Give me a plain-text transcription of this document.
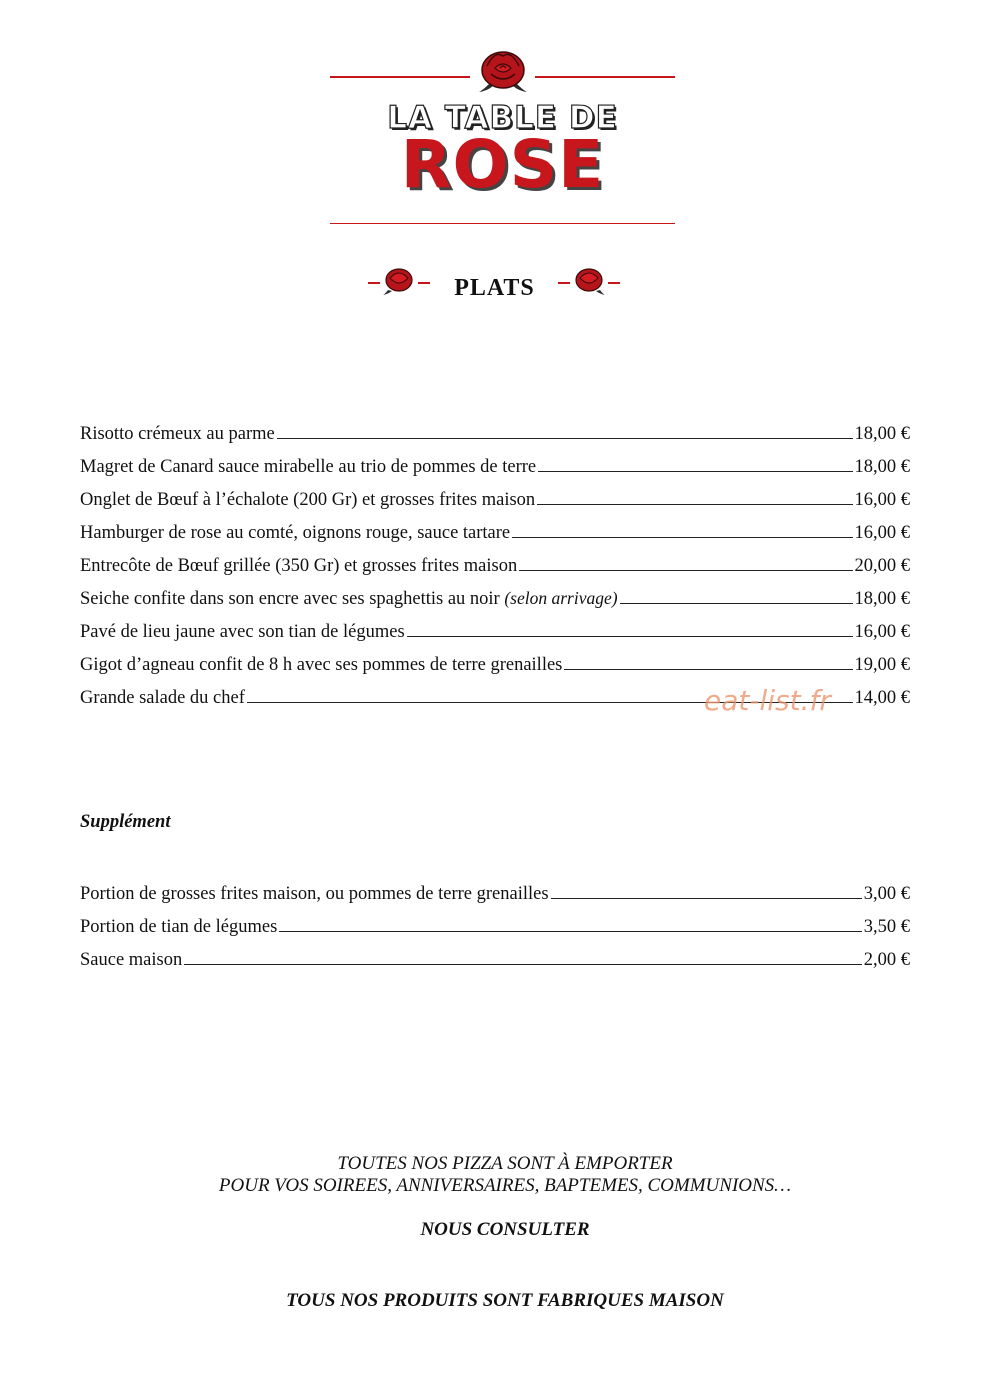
LA TABLE DE
ROSE
PLATS
Risotto crémeux au parme	18,00 €
Magret de Canard sauce mirabelle au trio de pommes de terre	18,00 €
Onglet de Bœuf à l’échalote (200 Gr) et grosses frites maison	16,00 €
Hamburger de rose au comté, oignons rouge, sauce tartare	16,00 €
Entrecôte de Bœuf grillée (350 Gr) et grosses frites maison	20,00 €
Seiche confite dans son encre avec ses spaghettis au noir (selon arrivage)	18,00 €
Pavé de lieu jaune avec son tian de légumes	16,00 €
Gigot d’agneau confit de 8 h avec ses pommes de terre grenailles	19,00 €
Grande salade du chef	14,00 €
eat-list.fr
Supplément
Portion de grosses frites maison, ou pommes de terre grenailles	3,00 €
Portion de tian de légumes	3,50 €
Sauce maison	2,00 €
TOUTES NOS PIZZA SONT À EMPORTER
POUR VOS SOIREES, ANNIVERSAIRES, BAPTEMES, COMMUNIONS…
NOUS CONSULTER
TOUS NOS PRODUITS SONT FABRIQUES MAISON
